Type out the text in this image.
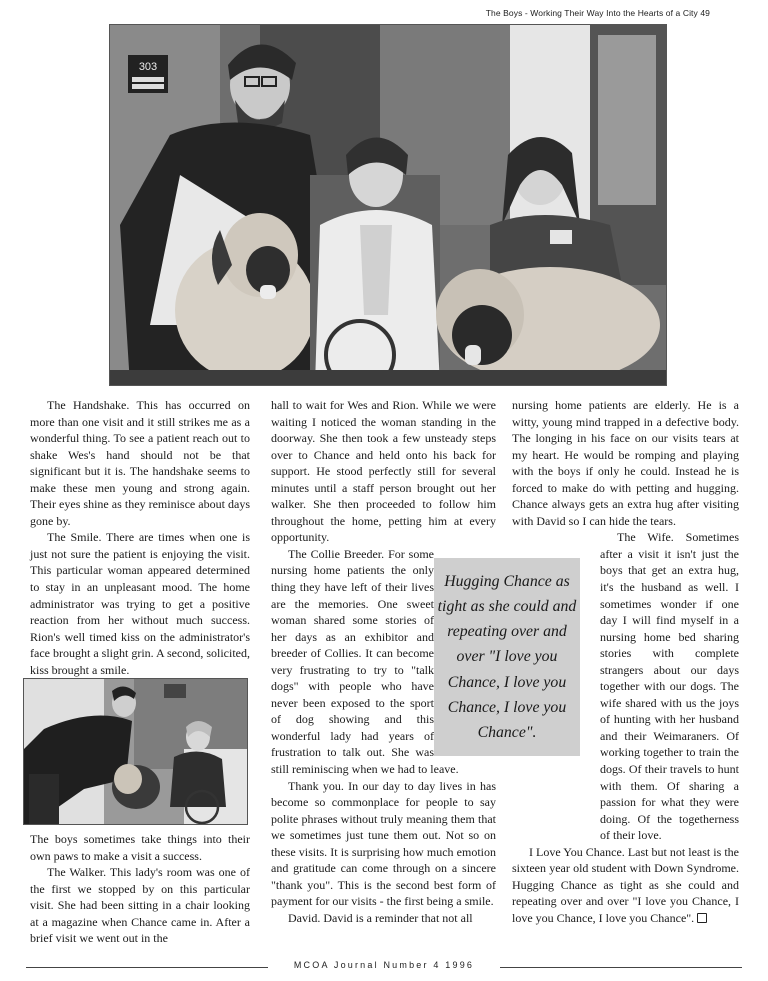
The Boys - Working Their Way Into the Hearts of a City 49
303

The Handshake. This has occurred on more than one visit and it still strikes me as a wonderful thing. To see a patient reach out to shake Wes's hand should not be that significant but it is. The handshake seems to make these men young and strong again. Their eyes shine as they reminisce about days gone by.

The Smile. There are times when one is just not sure the patient is enjoying the visit. This particular woman appeared determined to stay in an unpleasant mood. The home administrator was trying to get a positive reaction from her without much success. Rion's well timed kiss on the administrator's face brought a slight grin. A second, solicited, kiss brought a smile.

The boys sometimes take things into their own paws to make a visit a success.

The Walker. This lady's room was one of the first we stopped by on this particular visit. She had been sitting in a chair looking at a magazine when Chance came in. After a brief visit we went out in the

hall to wait for Wes and Rion. While we were waiting I noticed the woman standing in the doorway. She then took a few unsteady steps over to Chance and held onto his back for support. He stood perfectly still for several minutes until a staff person brought out her walker. She then proceeded to follow him throughout the home, petting him at every opportunity.

The Collie Breeder. For some nursing home patients the only thing they have left of their lives are the memories. One sweet woman shared some stories of her days as an exhibitor and breeder of Collies. It can become very frustrating to try to "talk dogs" with people who have never been exposed to the sport of dog showing and this wonderful lady had years of frustration to talk out. She was still reminiscing when we had to leave.

Thank you. In our day to day lives in has become so commonplace for people to say polite phrases without truly meaning them that we sometimes just tune them out. Not so on these visits. It is surprising how much emotion and gratitude can come through on a sincere "thank you". This is the second best form of payment for our visits - the first being a smile.

David. David is a reminder that not all

Hugging Chance as tight as she could and repeating over and over "I love you Chance, I love you Chance, I love you Chance".

nursing home patients are elderly. He is a witty, young mind trapped in a defective body. The longing in his face on our visits tears at my heart. He would be romping and playing with the boys if only he could. Instead he is forced to make do with petting and hugging. Chance always gets an extra hug after visiting with David so I can hide the tears.

The Wife. Sometimes after a visit it isn't just the boys that get an extra hug, it's the husband as well. I sometimes wonder if one day I will find myself in a nursing home bed sharing stories with complete strangers about our days together with our dogs. The wife shared with us the joys of hunting with her husband and their Weimaraners. Of working together to train the dogs. Of their travels to hunt with them. Of sharing a passion for what they were doing. Of the togetherness of their love.

I Love You Chance. Last but not least is the sixteen year old student with Down Syndrome. Hugging Chance as tight as she could and repeating over and over "I love you Chance, I love you Chance, I love you Chance".

MCOA Journal Number 4 1996
